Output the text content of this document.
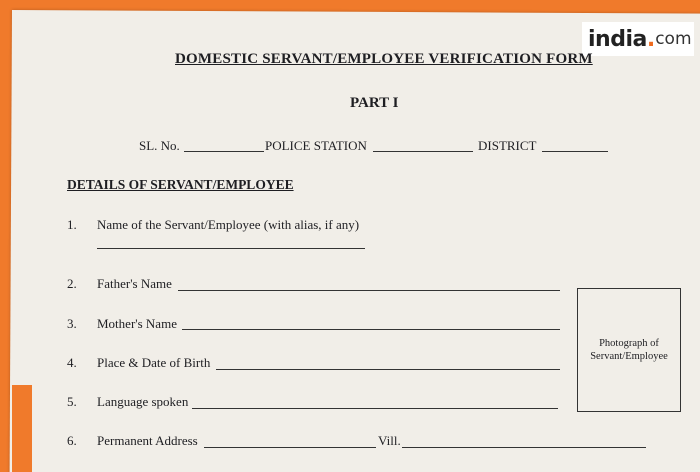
india . com
DOMESTIC SERVANT/EMPLOYEE VERIFICATION FORM
PART I
SL. No.	POLICE STATION	DISTRICT
DETAILS OF SERVANT/EMPLOYEE
1. Name of the Servant/Employee (with alias, if any)
2. Father's Name
3. Mother's Name
4. Place & Date of Birth
5. Language spoken
6. Permanent Address	Vill.
Photograph of
Servant/Employee
